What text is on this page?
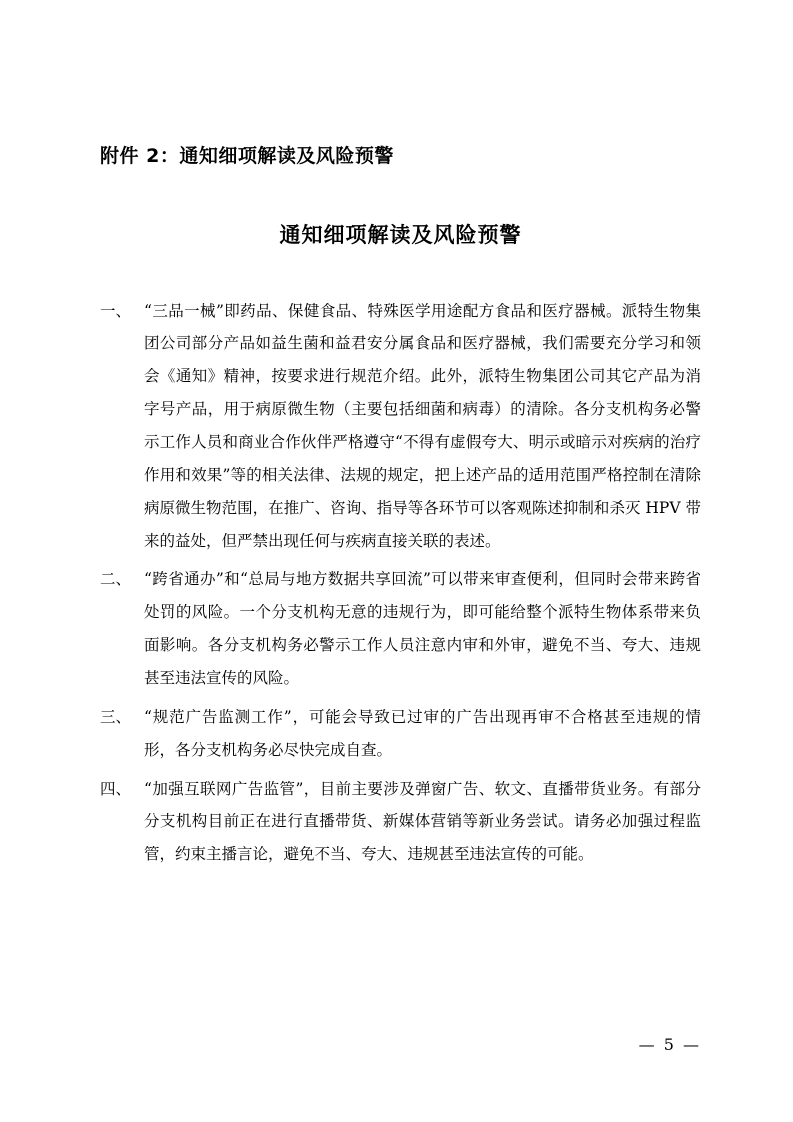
附件 2：通知细项解读及风险预警
通知细项解读及风险预警
一、 “三品一械”即药品、保健食品、特殊医学用途配方食品和医疗器械。派特生物集团公司部分产品如益生菌和益君安分属食品和医疗器械，我们需要充分学习和领会《通知》精神，按要求进行规范介绍。此外，派特生物集团公司其它产品为消字号产品，用于病原微生物（主要包括细菌和病毒）的清除。各分支机构务必警示工作人员和商业合作伙伴严格遵守“不得有虚假夸大、明示或暗示对疾病的治疗作用和效果”等的相关法律、法规的规定，把上述产品的适用范围严格控制在清除病原微生物范围，在推广、咨询、指导等各环节可以客观陈述抑制和杀灭 HPV 带来的益处，但严禁出现任何与疾病直接关联的表述。
二、 “跨省通办”和“总局与地方数据共享回流”可以带来审查便利，但同时会带来跨省处罚的风险。一个分支机构无意的违规行为，即可能给整个派特生物体系带来负面影响。各分支机构务必警示工作人员注意内审和外审，避免不当、夸大、违规甚至违法宣传的风险。
三、 “规范广告监测工作”，可能会导致已过审的广告出现再审不合格甚至违规的情形，各分支机构务必尽快完成自查。
四、 “加强互联网广告监管”，目前主要涉及弹窗广告、软文、直播带货业务。有部分分支机构目前正在进行直播带货、新媒体营销等新业务尝试。请务必加强过程监管，约束主播言论，避免不当、夸大、违规甚至违法宣传的可能。
— 5 —
